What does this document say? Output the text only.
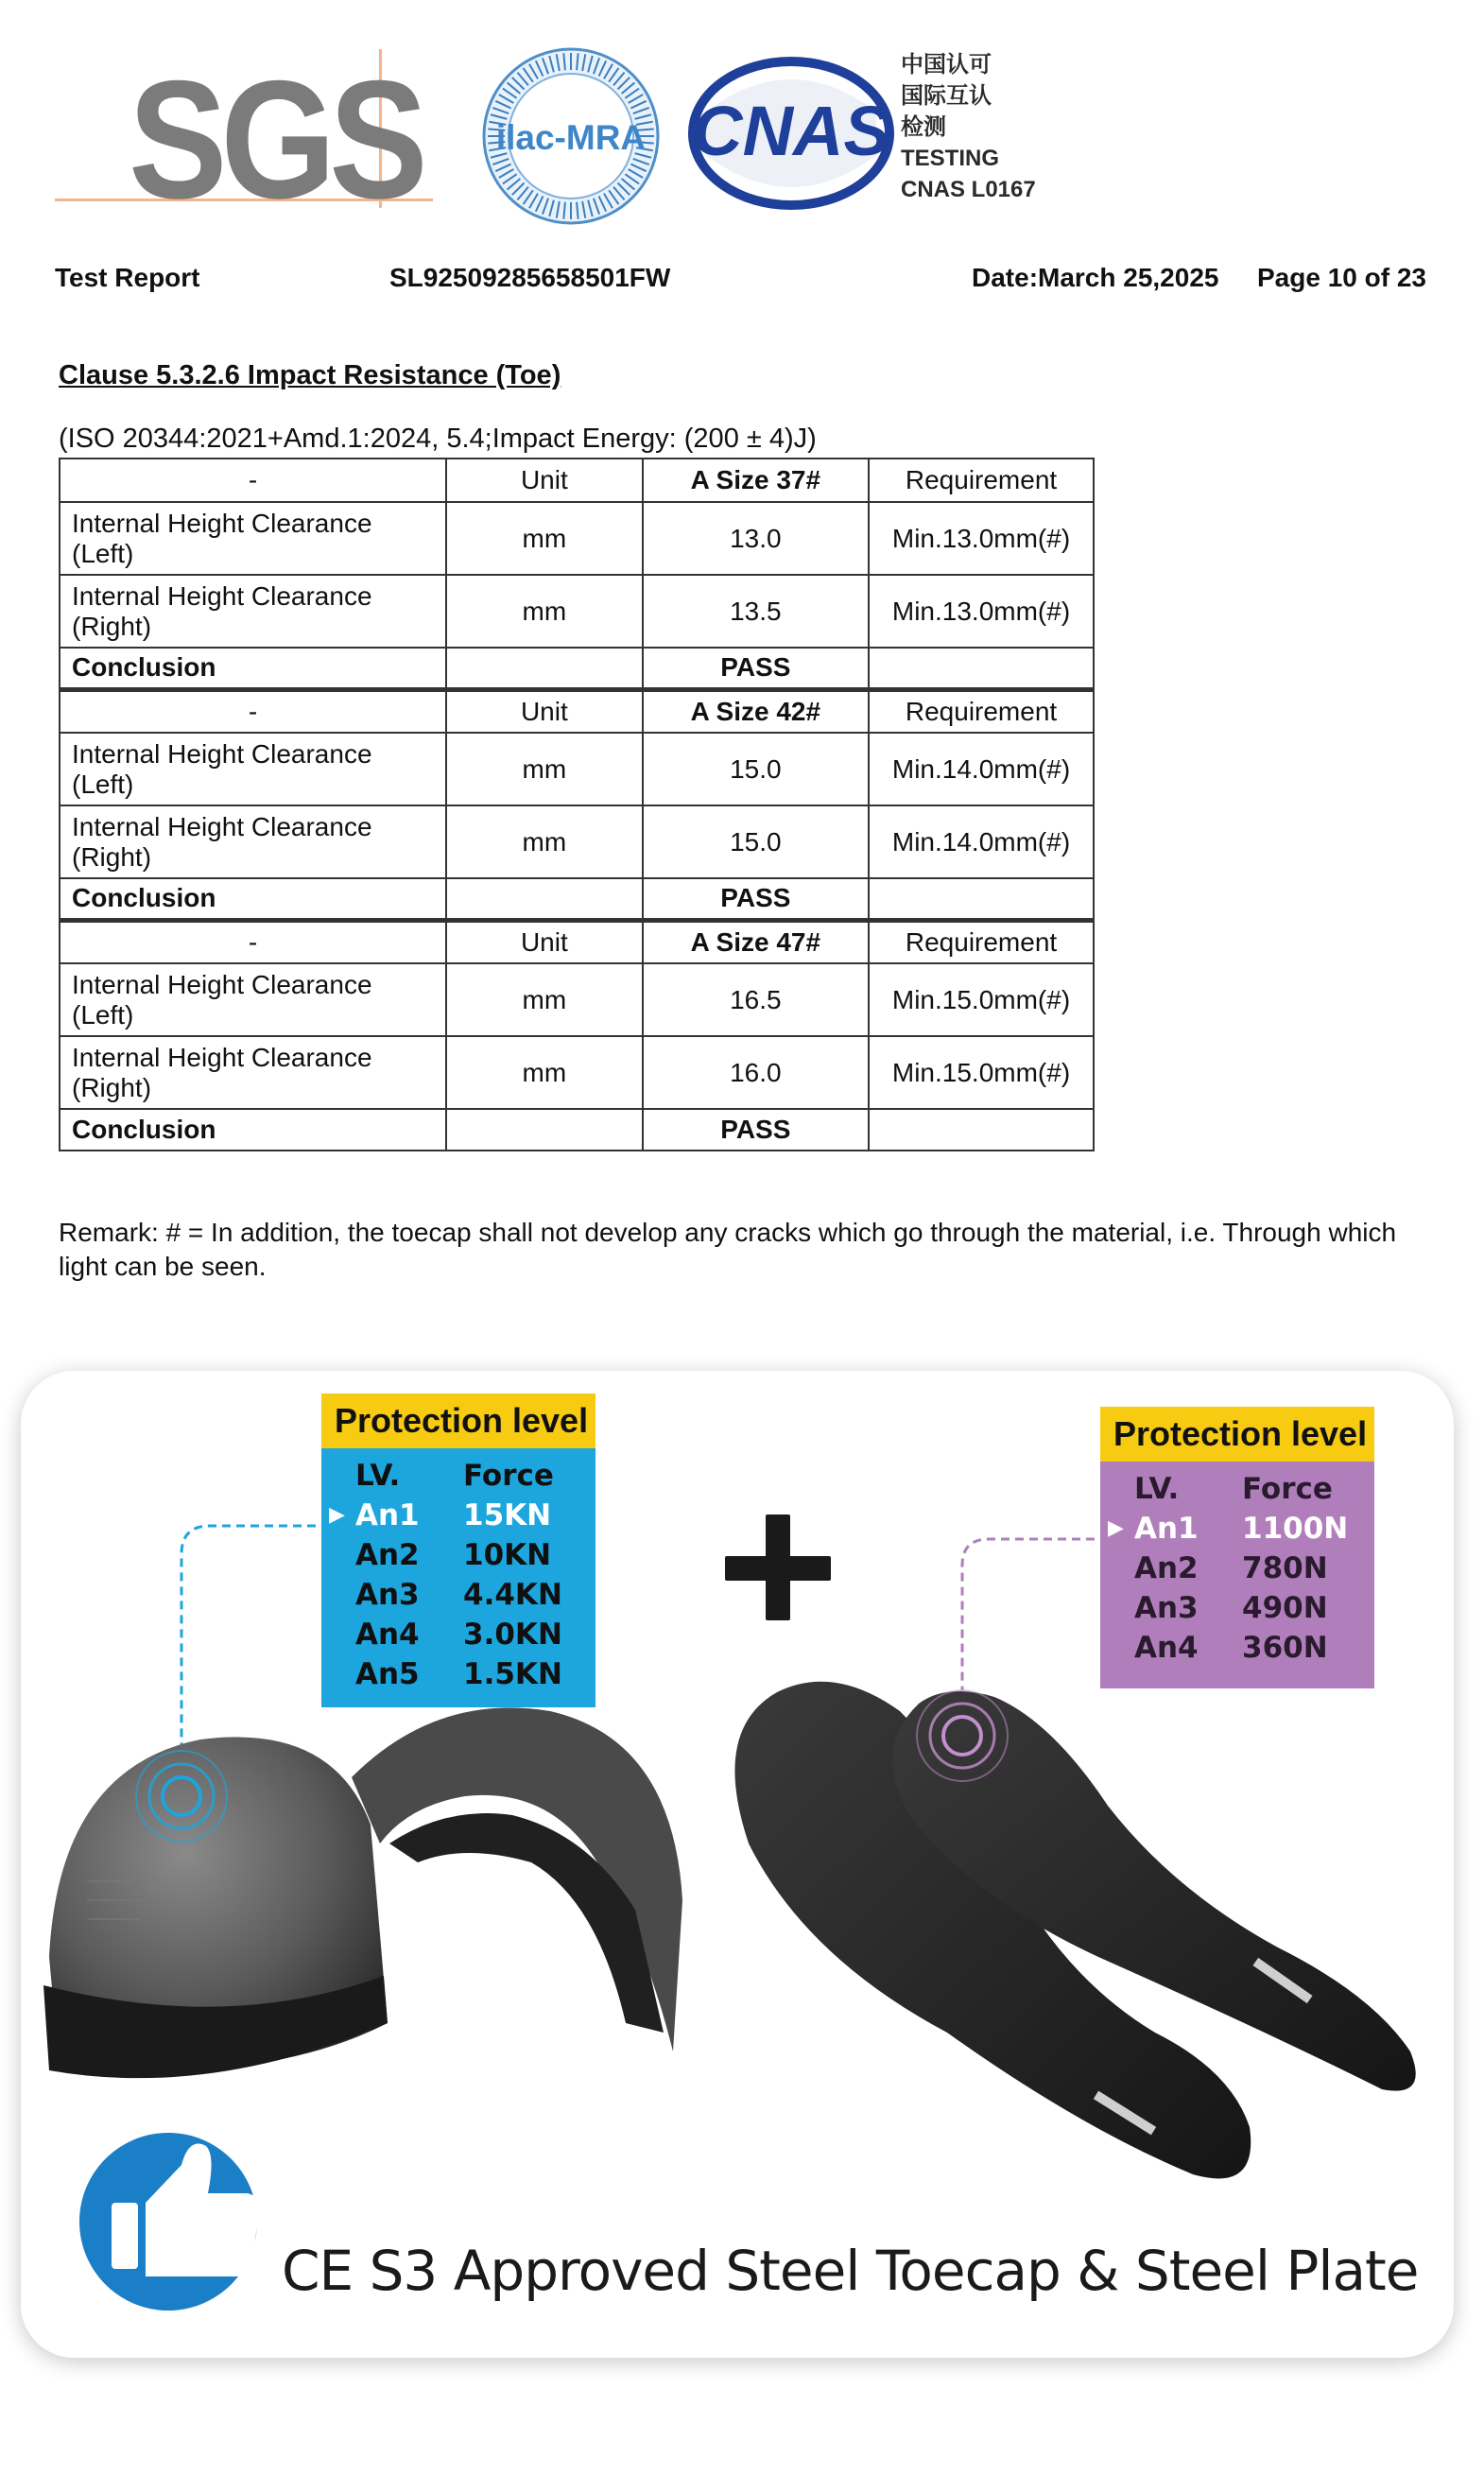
SGS ilac-MRA CNAS
中国认可
国际互认
检测
TESTING
CNAS L0167
Test Report	SL92509285658501FW	Date:March 25,2025 Page 10 of 23
Clause 5.3.2.6 Impact Resistance (Toe)
(ISO 20344:2021+Amd.1:2024, 5.4;Impact Energy: (200 ± 4)J)
-	Unit	A Size 37#	Requirement
Internal Height Clearance (Left)	mm	13.0	Min.13.0mm(#)
Internal Height Clearance (Right)	mm	13.5	Min.13.0mm(#)
Conclusion		PASS	
-	Unit	A Size 42#	Requirement
Internal Height Clearance (Left)	mm	15.0	Min.14.0mm(#)
Internal Height Clearance (Right)	mm	15.0	Min.14.0mm(#)
Conclusion		PASS	
-	Unit	A Size 47#	Requirement
Internal Height Clearance (Left)	mm	16.5	Min.15.0mm(#)
Internal Height Clearance (Right)	mm	16.0	Min.15.0mm(#)
Conclusion		PASS	
Remark: # = In addition, the toecap shall not develop any cracks which go through the material, i.e. Through which light can be seen.
Protection level
LV. Force
▶ An1 15KN
An2 10KN
An3 4.4KN
An4 3.0KN
An5 1.5KN
Protection level
LV. Force
▶ An1 1100N
An2 780N
An3 490N
An4 360N
CE S3 Approved Steel Toecap & Steel Plate
